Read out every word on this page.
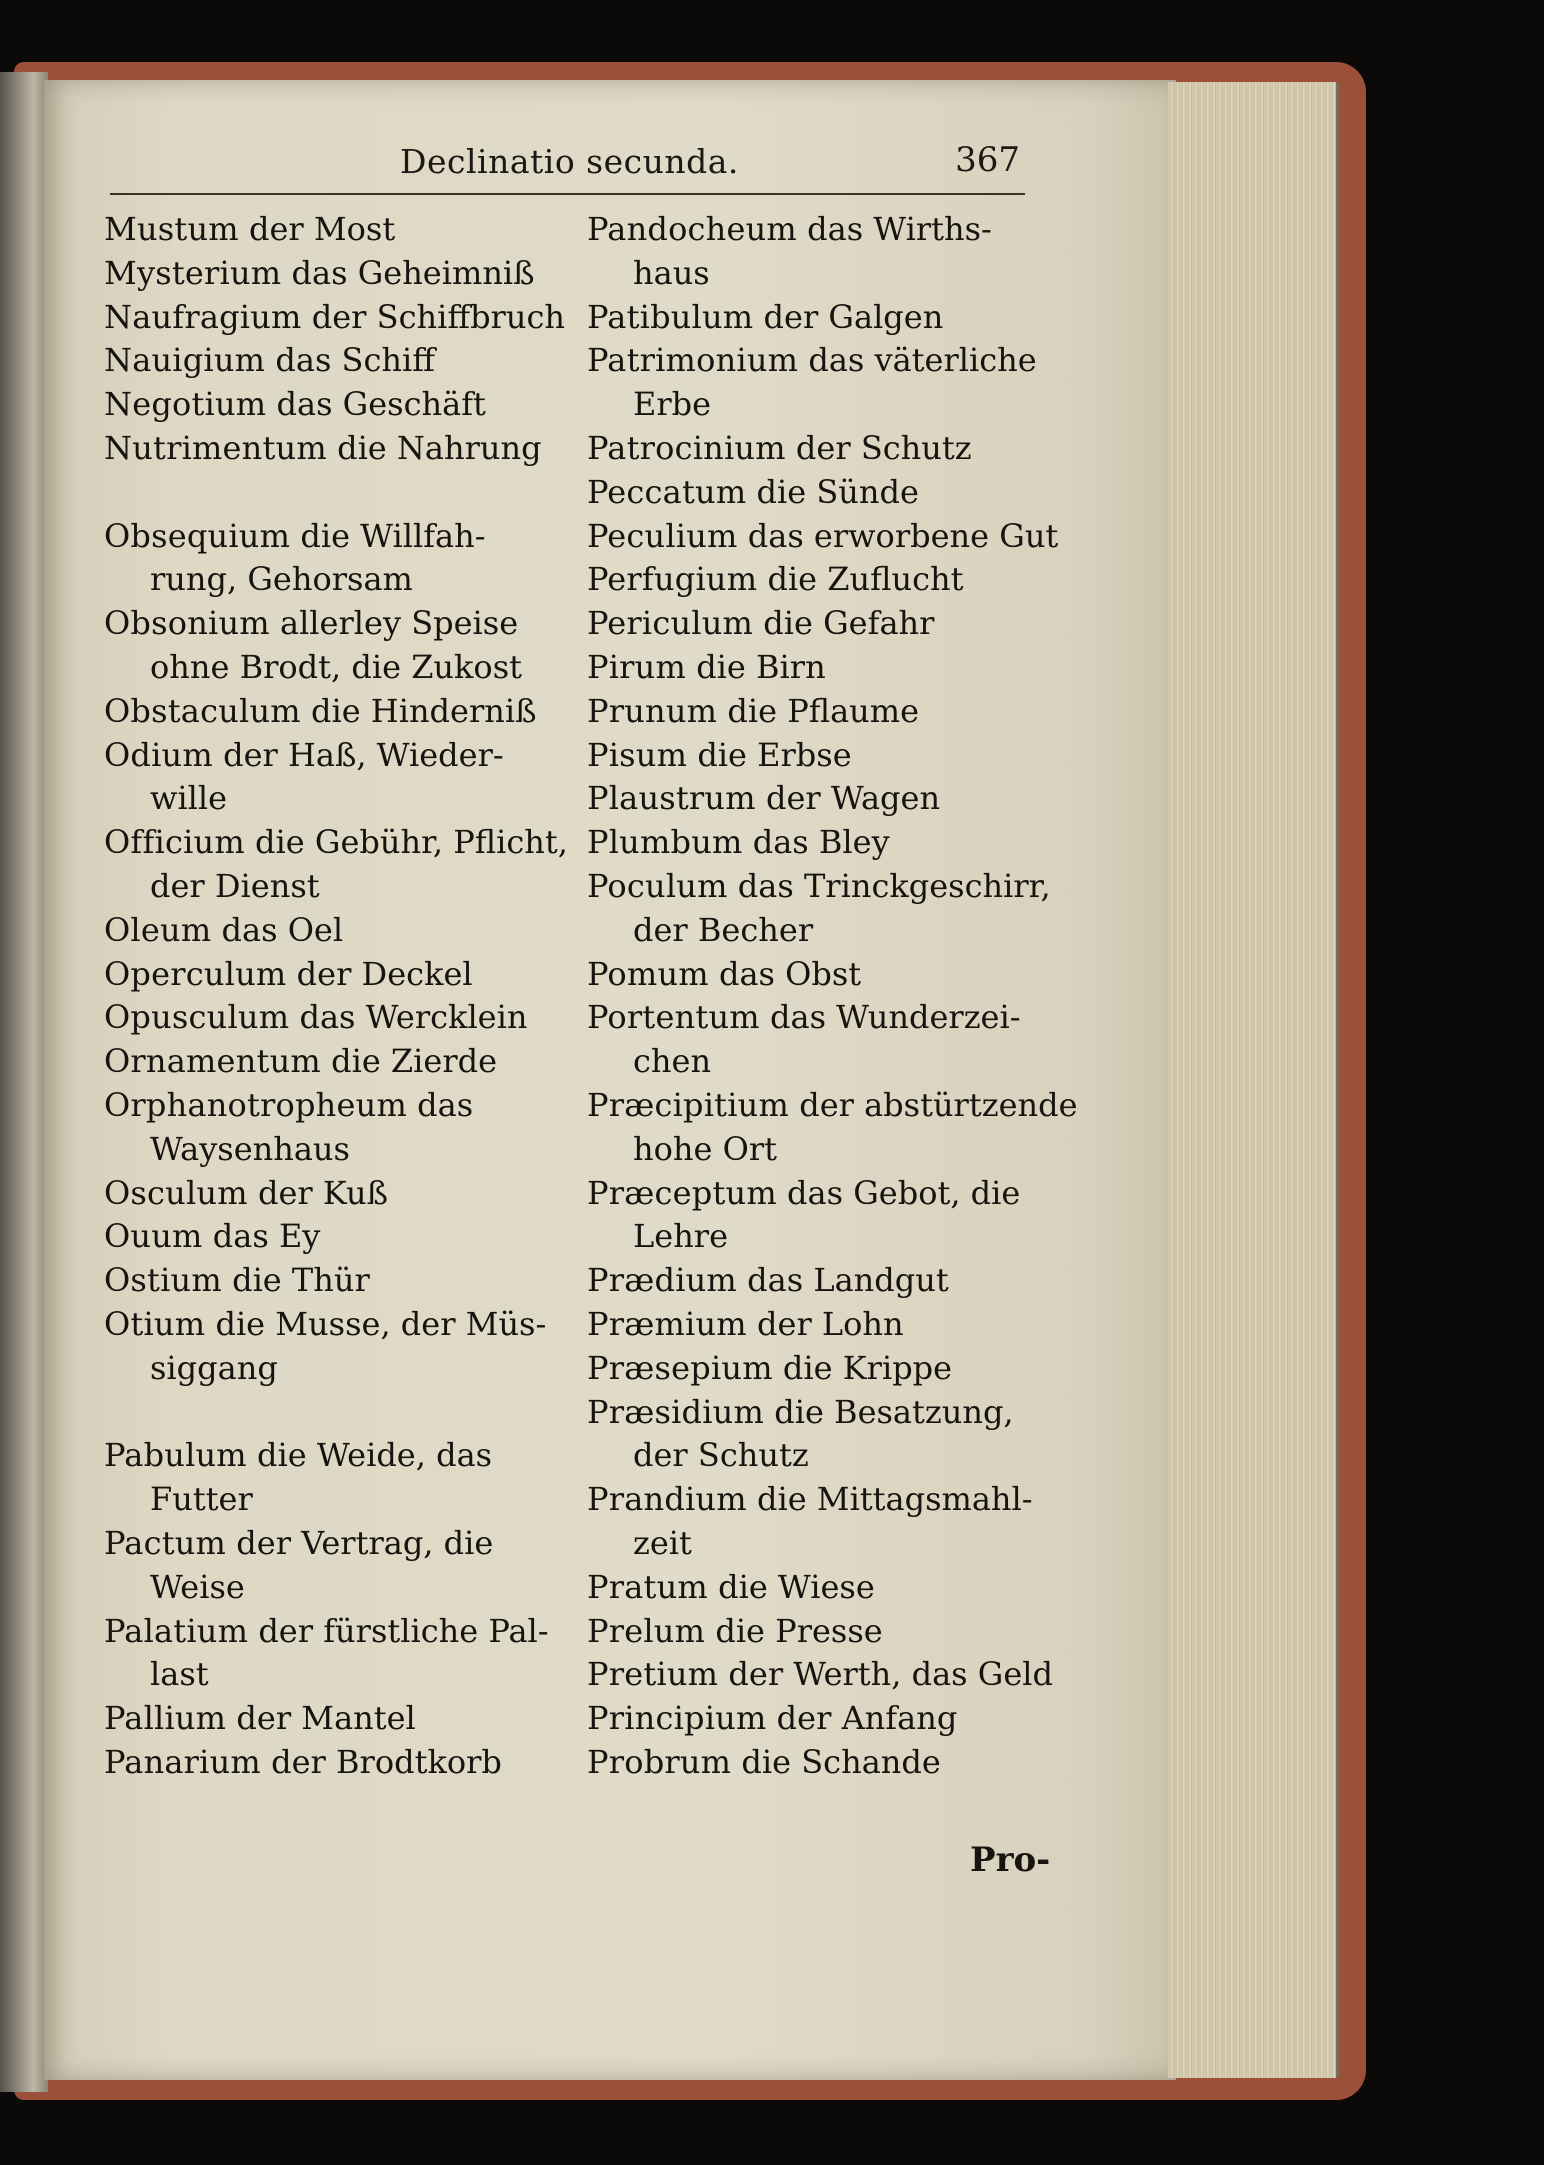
Declinatio secunda.	367
Mustum der Most
Mysterium das Geheimniß
Naufragium der Schiffbruch
Nauigium das Schiff
Negotium das Geschäft
Nutrimentum die Nahrung
Obsequium die Willfah-
rung, Gehorsam
Obsonium allerley Speise
ohne Brodt, die Zukost
Obstaculum die Hinderniß
Odium der Haß, Wieder-
wille
Officium die Gebühr, Pflicht,
der Dienst
Oleum das Oel
Operculum der Deckel
Opusculum das Wercklein
Ornamentum die Zierde
Orphanotropheum das
Waysenhaus
Osculum der Kuß
Ouum das Ey
Ostium die Thür
Otium die Musse, der Müs-
siggang
Pabulum die Weide, das
Futter
Pactum der Vertrag, die
Weise
Palatium der fürstliche Pal-
last
Pallium der Mantel
Panarium der Brodtkorb
Pandocheum das Wirths-
haus
Patibulum der Galgen
Patrimonium das väterliche
Erbe
Patrocinium der Schutz
Peccatum die Sünde
Peculium das erworbene Gut
Perfugium die Zuflucht
Periculum die Gefahr
Pirum die Birn
Prunum die Pflaume
Pisum die Erbse
Plaustrum der Wagen
Plumbum das Bley
Poculum das Trinckgeschirr,
der Becher
Pomum das Obst
Portentum das Wunderzei-
chen
Præcipitium der abstürtzende
hohe Ort
Præceptum das Gebot, die
Lehre
Prædium das Landgut
Præmium der Lohn
Præsepium die Krippe
Præsidium die Besatzung,
der Schutz
Prandium die Mittagsmahl-
zeit
Pratum die Wiese
Prelum die Presse
Pretium der Werth, das Geld
Principium der Anfang
Probrum die Schande
Pro-
